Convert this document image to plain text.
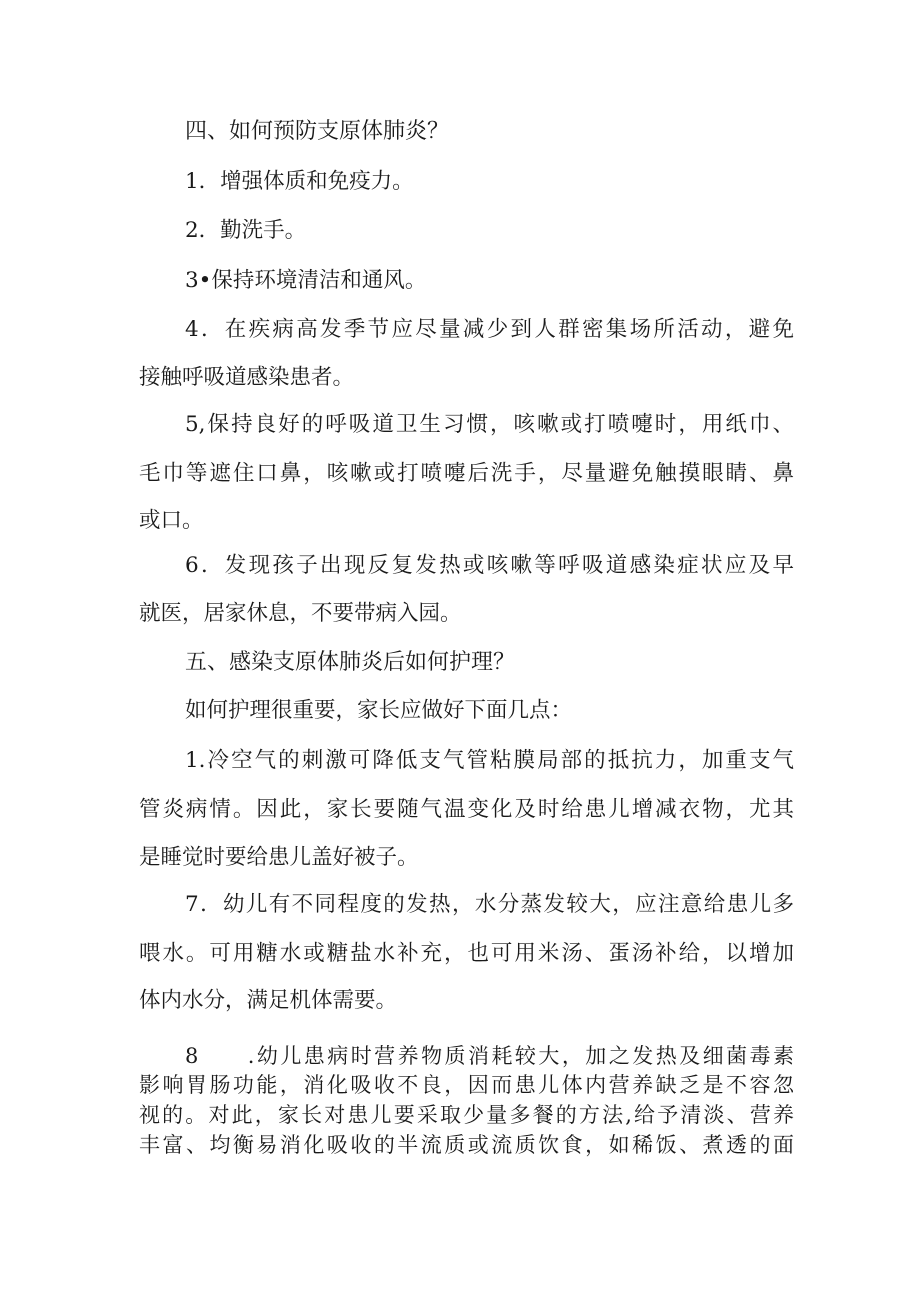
四、如何预防支原体肺炎？
1．增强体质和免疫力。
2．勤洗手。
3•保持环境清洁和通风。
4．在疾病高发季节应尽量减少到人群密集场所活动，避免
接触呼吸道感染患者。
5,保持良好的呼吸道卫生习惯，咳嗽或打喷嚏时，用纸巾、
毛巾等遮住口鼻，咳嗽或打喷嚏后洗手，尽量避免触摸眼睛、鼻
或口。
6．发现孩子出现反复发热或咳嗽等呼吸道感染症状应及早
就医，居家休息，不要带病入园。
五、感染支原体肺炎后如何护理？
如何护理很重要，家长应做好下面几点：
1.冷空气的刺激可降低支气管粘膜局部的抵抗力，加重支气
管炎病情。因此，家长要随气温变化及时给患儿增减衣物，尤其
是睡觉时要给患儿盖好被子。
7．幼儿有不同程度的发热，水分蒸发较大，应注意给患儿多
喂水。可用糖水或糖盐水补充，也可用米汤、蛋汤补给，以增加
体内水分，满足机体需要。
8　　.幼儿患病时营养物质消耗较大，加之发热及细菌毒素
影响胃肠功能，消化吸收不良，因而患儿体内营养缺乏是不容忽
视的。对此，家长对患儿要采取少量多餐的方法,给予清淡、营养
丰富、均衡易消化吸收的半流质或流质饮食，如稀饭、煮透的面
